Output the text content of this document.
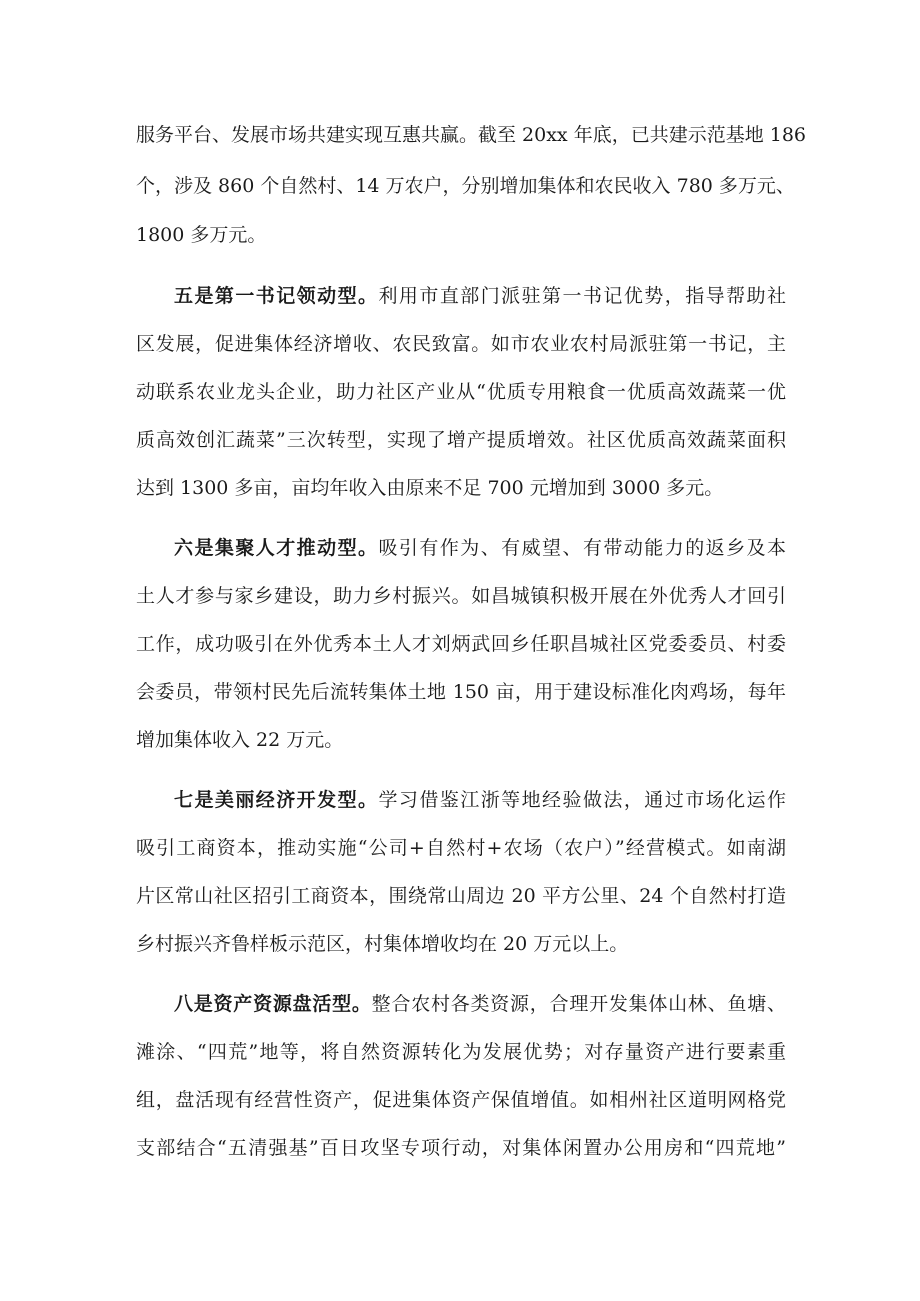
服务平台、发展市场共建实现互惠共赢。截至 20xx 年底，已共建示范基地 186
个，涉及 860 个自然村、14 万农户，分别增加集体和农民收入 780 多万元、
1800 多万元。
五是第一书记领动型。利用市直部门派驻第一书记优势，指导帮助社
区发展，促进集体经济增收、农民致富。如市农业农村局派驻第一书记，主
动联系农业龙头企业，助力社区产业从“优质专用粮食一优质高效蔬菜一优
质高效创汇蔬菜”三次转型，实现了增产提质增效。社区优质高效蔬菜面积
达到 1300 多亩，亩均年收入由原来不足 700 元增加到 3000 多元。
六是集聚人才推动型。吸引有作为、有威望、有带动能力的返乡及本
土人才参与家乡建设，助力乡村振兴。如昌城镇积极开展在外优秀人才回引
工作，成功吸引在外优秀本土人才刘炳武回乡任职昌城社区党委委员、村委
会委员，带领村民先后流转集体土地 150 亩，用于建设标准化肉鸡场，每年
增加集体收入 22 万元。
七是美丽经济开发型。学习借鉴江浙等地经验做法，通过市场化运作
吸引工商资本，推动实施“公司+自然村+农场（农户）”经营模式。如南湖
片区常山社区招引工商资本，围绕常山周边 20 平方公里、24 个自然村打造
乡村振兴齐鲁样板示范区，村集体增收均在 20 万元以上。
八是资产资源盘活型。整合农村各类资源，合理开发集体山林、鱼塘、
滩涂、“四荒”地等，将自然资源转化为发展优势；对存量资产进行要素重
组，盘活现有经营性资产，促进集体资产保值增值。如相州社区道明网格党
支部结合“五清强基”百日攻坚专项行动，对集体闲置办公用房和“四荒地”
